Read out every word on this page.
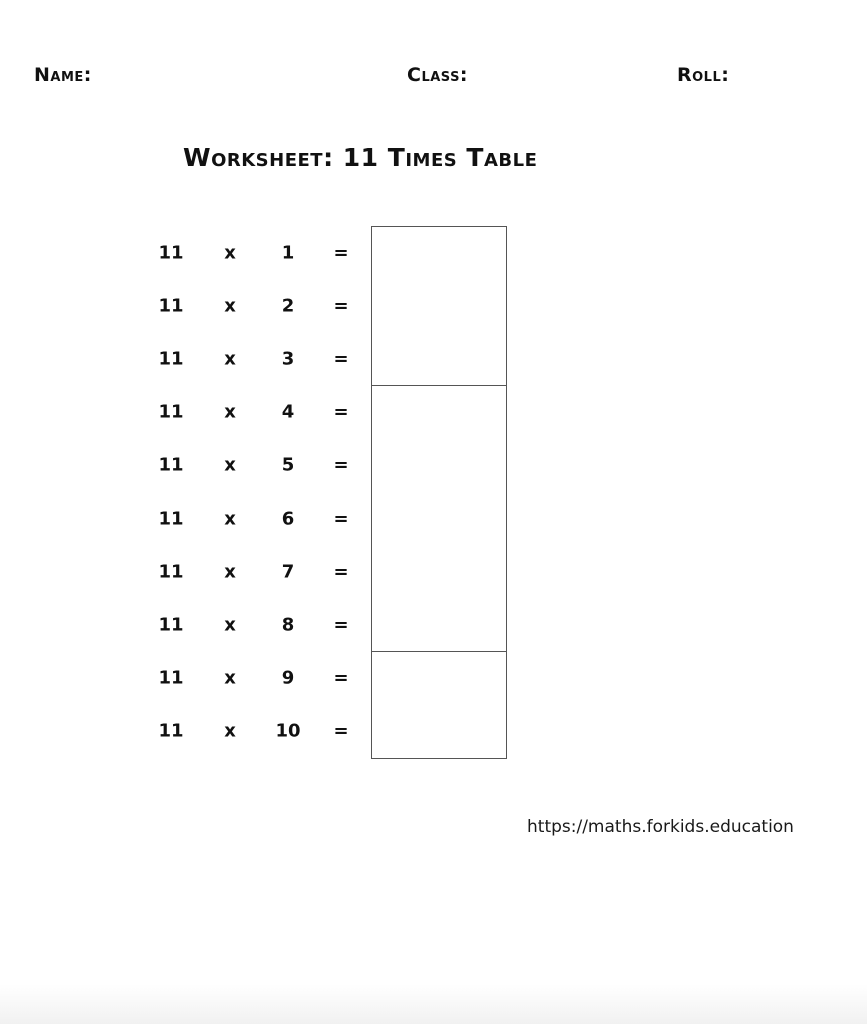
Name:	Class:	Roll:
Worksheet: 11 Times Table
11 x	1 =
11 x	2 =
11 x	3 =
11 x	4 =
11 x	5 =
11 x	6 =
11 x	7 =
11 x	8 =
11 x	9 =
11 x 10 =
https://maths.forkids.education
